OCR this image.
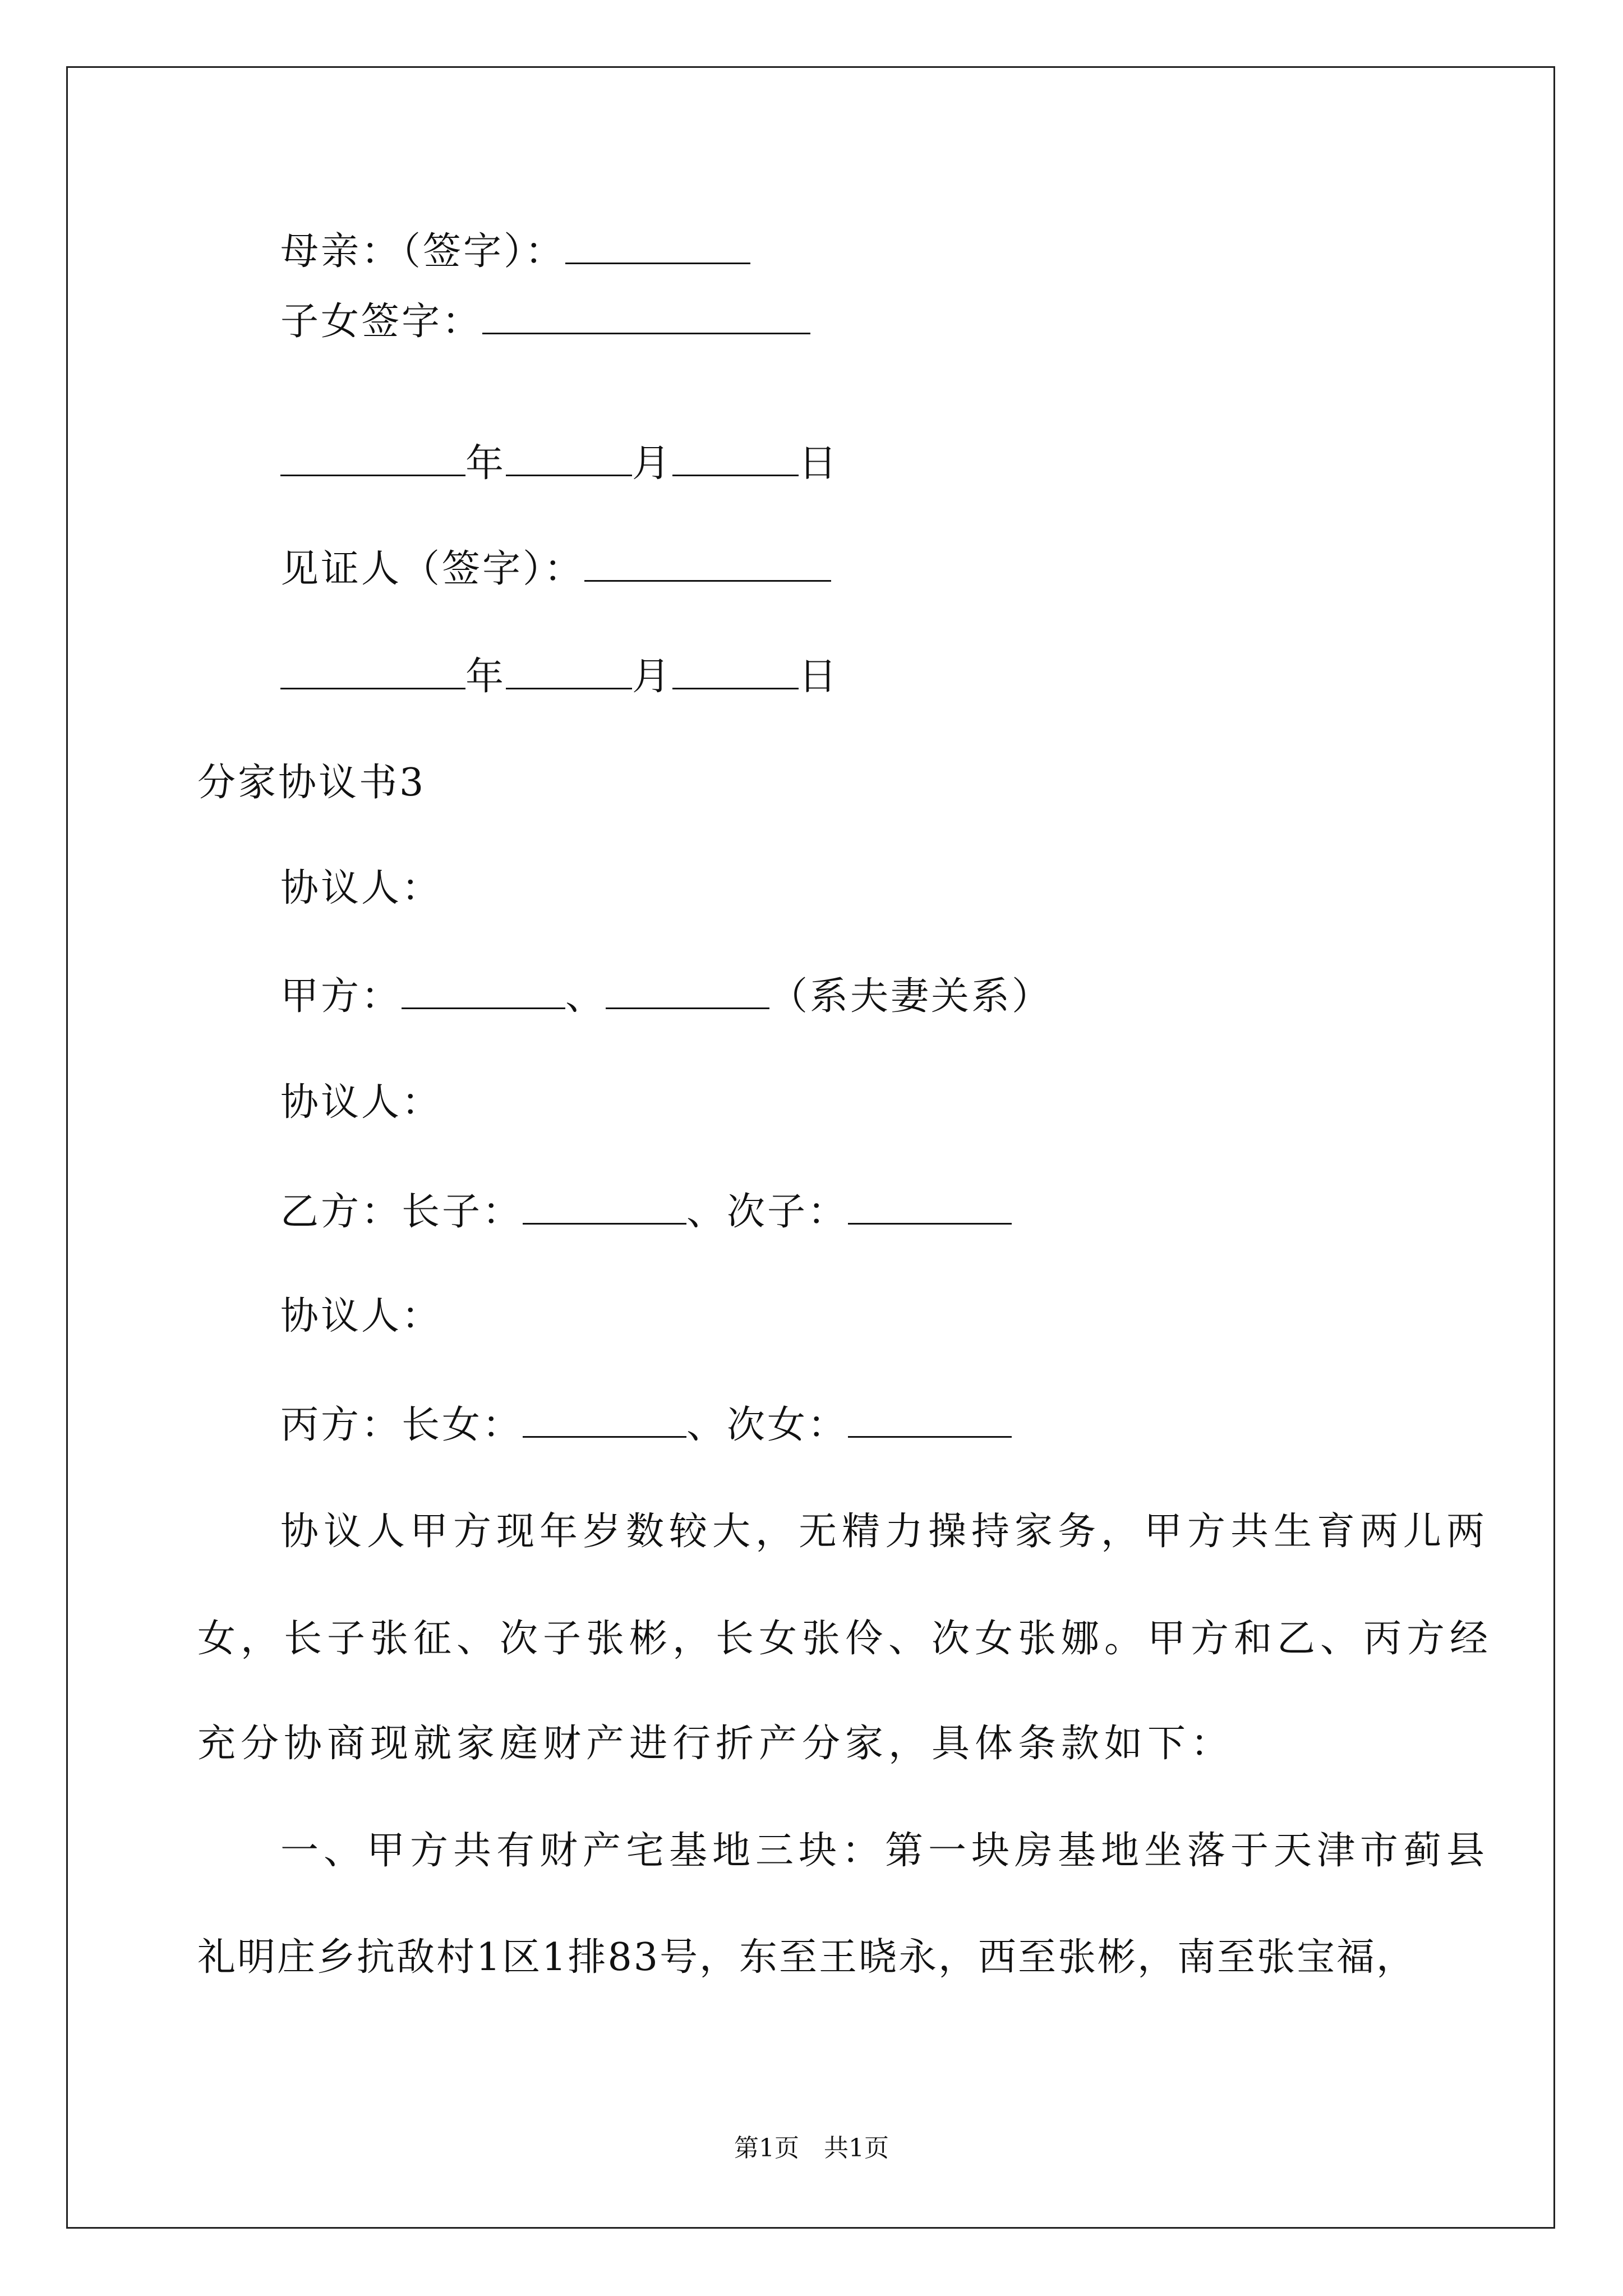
母亲：（签字）：
子女签字：
年	月	日
见证人（签字）：
年	月	日
分家协议书3
协议人：
甲方：	、	（系夫妻关系）
协议人：
乙方：长子：	、次子：
协议人：
丙方：长女：	、次女：
协议人甲方现年岁数较大，无精力操持家务，甲方共生育两儿两
女，长子张征、次子张彬，长女张伶、次女张娜。甲方和乙、丙方经
充分协商现就家庭财产进行折产分家，具体条款如下：
一、甲方共有财产宅基地三块：第一块房基地坐落于天津市蓟县
礼明庄乡抗敌村1区1排83号，东至王晓永，西至张彬，南至张宝福，
第1页　共1页
